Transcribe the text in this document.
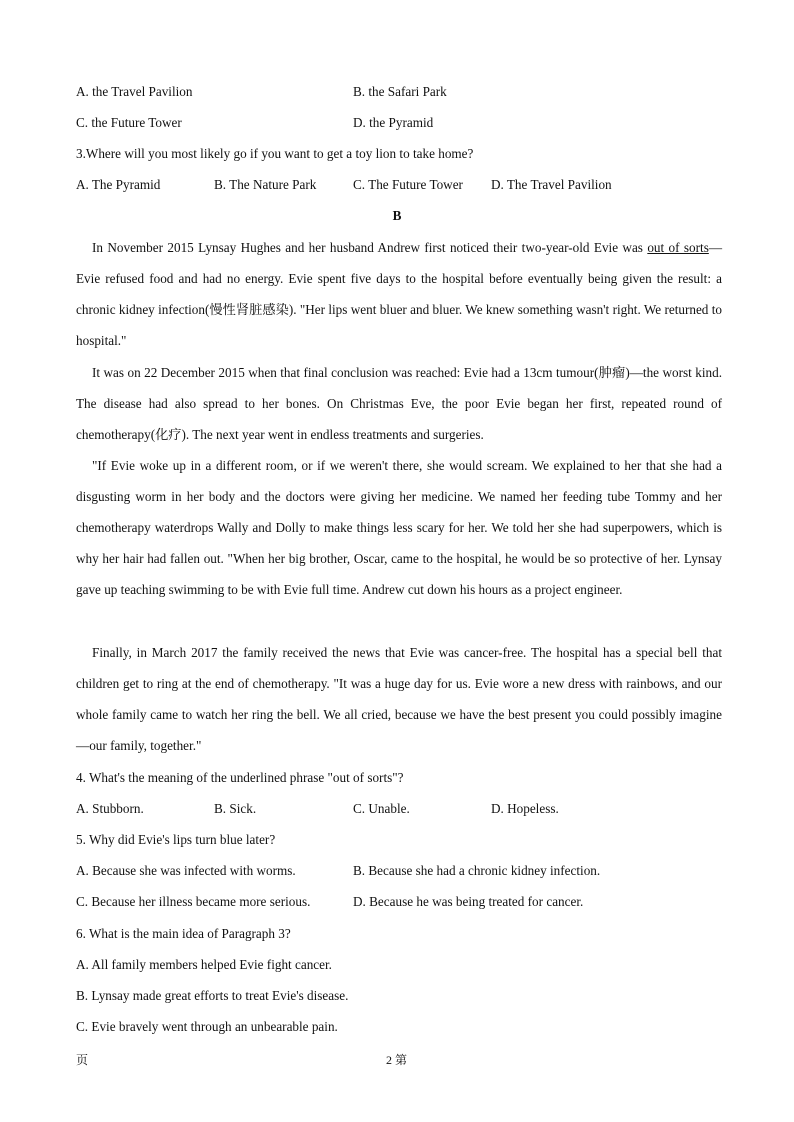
A. the Travel Pavilion	B. the Safari Park
C. the Future Tower	D. the Pyramid
3.Where will you most likely go if you want to get a toy lion to take home?
A. The Pyramid	B. The Nature Park	C. The Future Tower D. The Travel Pavilion
B
In November 2015 Lynsay Hughes and her husband Andrew first noticed their two-year-old Evie was out of sorts— Evie refused food and had no energy. Evie spent five days to the hospital before eventually being given the result: a chronic kidney infection(慢性肾脏感染). "Her lips went bluer and bluer. We knew something wasn't right. We returned to hospital."
It was on 22 December 2015 when that final conclusion was reached: Evie had a 13cm tumour(肿瘤)—the worst kind. The disease had also spread to her bones. On Christmas Eve, the poor Evie began her first, repeated round of chemotherapy(化疗). The next year went in endless treatments and surgeries.
"If Evie woke up in a different room, or if we weren't there, she would scream. We explained to her that she had a disgusting worm in her body and the doctors were giving her medicine. We named her feeding tube Tommy and her chemotherapy waterdrops Wally and Dolly to make things less scary for her. We told her she had superpowers, which is why her hair had fallen out. "When her big brother, Oscar, came to the hospital, he would be so protective of her. Lynsay gave up teaching swimming to be with Evie full time. Andrew cut down his hours as a project engineer.
Finally, in March 2017 the family received the news that Evie was cancer-free. The hospital has a special bell that children get to ring at the end of chemotherapy. "It was a huge day for us. Evie wore a new dress with rainbows, and our whole family came to watch her ring the bell. We all cried, because we have the best present you could possibly imagine—our family, together."
4. What's the meaning of the underlined phrase "out of sorts"?
A. Stubborn.	B. Sick.	C. Unable.	D. Hopeless.
5. Why did Evie's lips turn blue later?
A. Because she was infected with worms.	B. Because she had a chronic kidney infection.
C. Because her illness became more serious.	D. Because he was being treated for cancer.
6. What is the main idea of Paragraph 3?
A. All family members helped Evie fight cancer.
B. Lynsay made great efforts to treat Evie's disease.
C. Evie bravely went through an unbearable pain.
页	2 第
